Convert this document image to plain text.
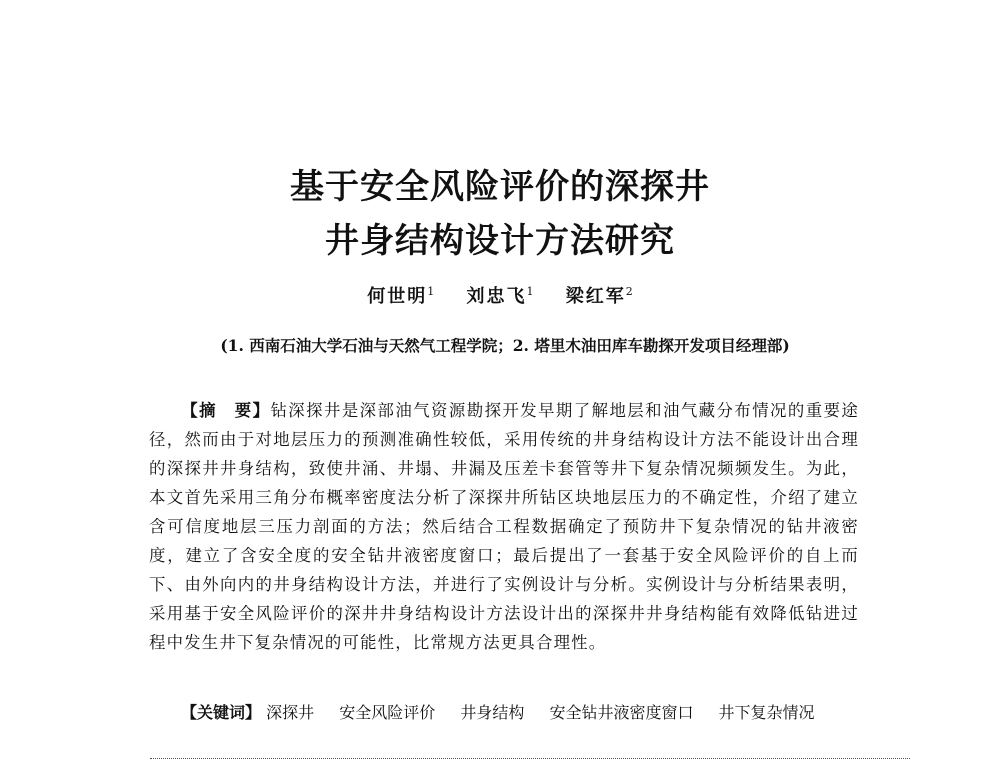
基于安全风险评价的深探井
井身结构设计方法研究
何世明$^1$ 刘忠飞$^1$ 梁红军$^2$
(1. 西南石油大学石油与天然气工程学院；2. 塔里木油田库车勘探开发项目经理部)
【摘　要】钻深探井是深部油气资源勘探开发早期了解地层和油气藏分布情况的重要途径，然而由于对地层压力的预测准确性较低，采用传统的井身结构设计方法不能设计出合理的深探井井身结构，致使井涌、井塌、井漏及压差卡套管等井下复杂情况频频发生。为此，本文首先采用三角分布概率密度法分析了深探井所钻区块地层压力的不确定性，介绍了建立含可信度地层三压力剖面的方法；然后结合工程数据确定了预防井下复杂情况的钻井液密度，建立了含安全度的安全钻井液密度窗口；最后提出了一套基于安全风险评价的自上而下、由外向内的井身结构设计方法，并进行了实例设计与分析。实例设计与分析结果表明，采用基于安全风险评价的深井井身结构设计方法设计出的深探井井身结构能有效降低钻进过程中发生井下复杂情况的可能性，比常规方法更具合理性。
【关键词】 深探井 安全风险评价 井身结构 安全钻井液密度窗口 井下复杂情况
